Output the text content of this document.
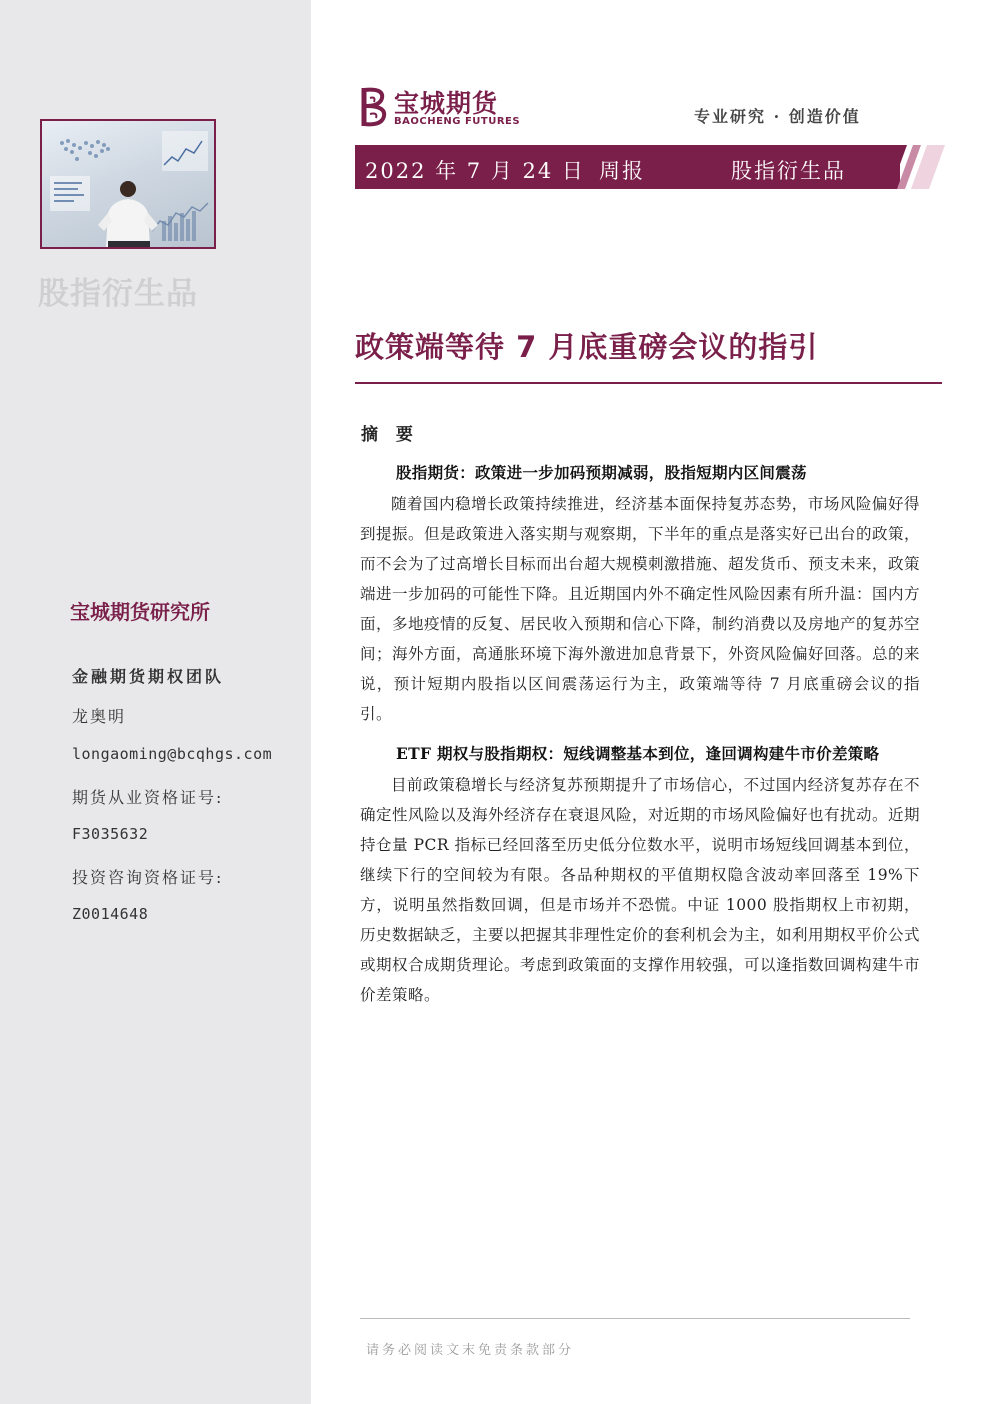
股指衍生品
宝城期货研究所
金融期货期权团队
龙奥明
longaoming@bcqhgs.com
期货从业资格证号:
F3035632
投资咨询资格证号:
Z0014648
宝城期货
BAOCHENG FUTURES	专业研究 · 创造价值
2022 年 7 月 24 日 周报	股指衍生品
政策端等待 7 月底重磅会议的指引
摘 要
股指期货：政策进一步加码预期减弱，股指短期内区间震荡

随着国内稳增长政策持续推进，经济基本面保持复苏态势，市场风险偏好得到提振。但是政策进入落实期与观察期，下半年的重点是落实好已出台的政策，而不会为了过高增长目标而出台超大规模刺激措施、超发货币、预支未来，政策端进一步加码的可能性下降。且近期国内外不确定性风险因素有所升温：国内方面，多地疫情的反复、居民收入预期和信心下降，制约消费以及房地产的复苏空间；海外方面，高通胀环境下海外激进加息背景下，外资风险偏好回落。总的来说，预计短期内股指以区间震荡运行为主，政策端等待 7 月底重磅会议的指引。

ETF 期权与股指期权：短线调整基本到位，逢回调构建牛市价差策略

目前政策稳增长与经济复苏预期提升了市场信心，不过国内经济复苏存在不确定性风险以及海外经济存在衰退风险，对近期的市场风险偏好也有扰动。近期持仓量 PCR 指标已经回落至历史低分位数水平，说明市场短线回调基本到位，继续下行的空间较为有限。各品种期权的平值期权隐含波动率回落至 19%下方，说明虽然指数回调，但是市场并不恐慌。中证 1000 股指期权上市初期，历史数据缺乏，主要以把握其非理性定价的套利机会为主，如利用期权平价公式或期权合成期货理论。考虑到政策面的支撑作用较强，可以逢指数回调构建牛市价差策略。

请务必阅读文末免责条款部分
